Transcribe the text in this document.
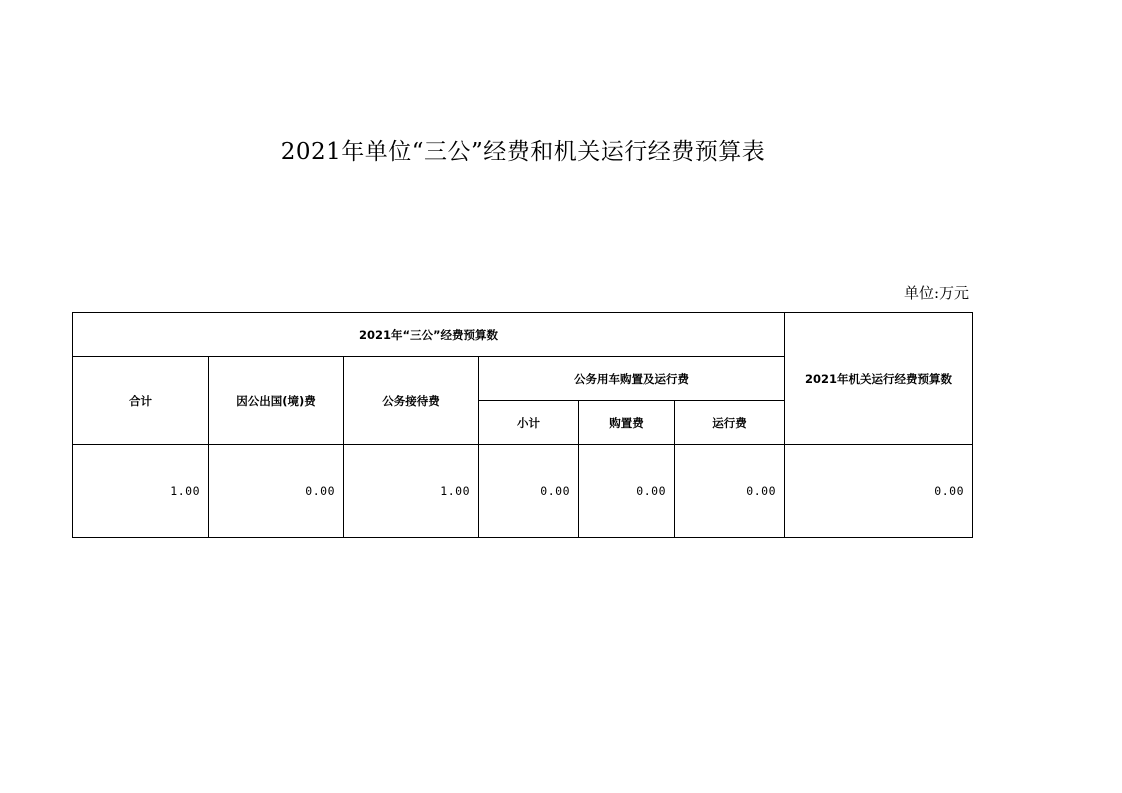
2021年单位“三公”经费和机关运行经费预算表
单位:万元
2021年“三公”经费预算数						2021年机关运行经费预算数
合计	因公出国(境)费	公务接待费	公务用车购置及运行费			
			小计	购置费	运行费	
1.00	0.00	1.00	0.00	0.00	0.00	0.00
